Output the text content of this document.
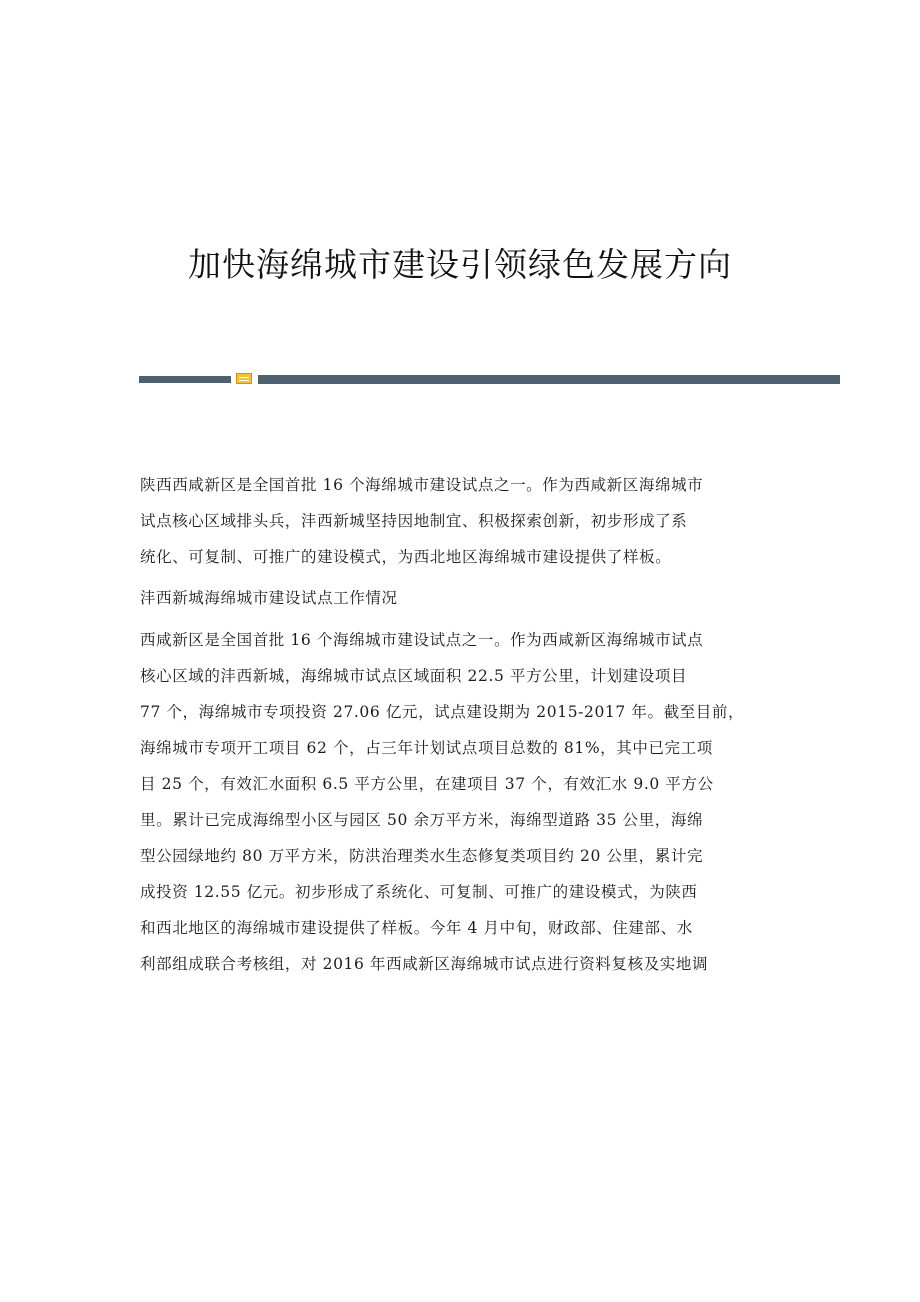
加快海绵城市建设引领绿色发展方向
陕西西咸新区是全国首批 16 个海绵城市建设试点之一。作为西咸新区海绵城市
试点核心区域排头兵，沣西新城坚持因地制宜、积极探索创新，初步形成了系
统化、可复制、可推广的建设模式，为西北地区海绵城市建设提供了样板。
沣西新城海绵城市建设试点工作情况
西咸新区是全国首批 16 个海绵城市建设试点之一。作为西咸新区海绵城市试点
核心区域的沣西新城，海绵城市试点区域面积 22.5 平方公里，计划建设项目
77 个，海绵城市专项投资 27.06 亿元，试点建设期为 2015-2017 年。截至目前，
海绵城市专项开工项目 62 个，占三年计划试点项目总数的 81%，其中已完工项
目 25 个，有效汇水面积 6.5 平方公里，在建项目 37 个，有效汇水 9.0 平方公
里。累计已完成海绵型小区与园区 50 余万平方米，海绵型道路 35 公里，海绵
型公园绿地约 80 万平方米，防洪治理类水生态修复类项目约 20 公里，累计完
成投资 12.55 亿元。初步形成了系统化、可复制、可推广的建设模式，为陕西
和西北地区的海绵城市建设提供了样板。今年 4 月中旬，财政部、住建部、水
利部组成联合考核组，对 2016 年西咸新区海绵城市试点进行资料复核及实地调
